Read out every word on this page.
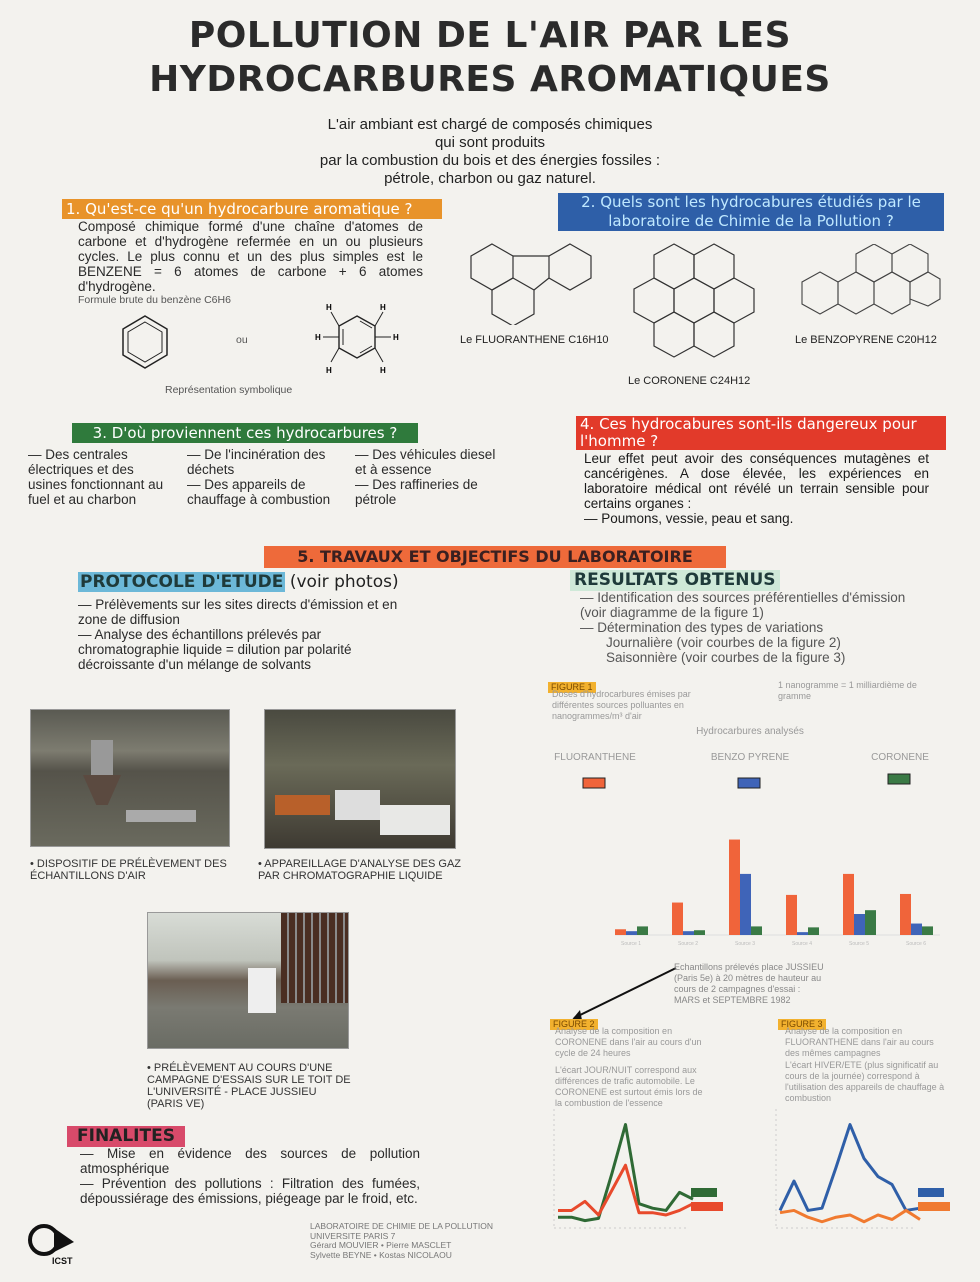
POLLUTION DE L'AIR PAR LES
HYDROCARBURES AROMATIQUES
L'air ambiant est chargé de composés chimiques
qui sont produits
par la combustion du bois et des énergies fossiles :
pétrole, charbon ou gaz naturel.
1. Qu'est-ce qu'un hydrocarbure aromatique ?
Composé chimique formé d'une chaîne d'atomes de carbone et d'hydrogène refermée en un ou plusieurs cycles. Le plus connu et un des plus simples est le BENZENE = 6 atomes de carbone + 6 atomes d'hydrogène.
Formule brute du benzène C6H6
ou	H	H
H	H
H	H
Représentation symbolique
2. Quels sont les hydrocabures étudiés par le
laboratoire de Chimie de la Pollution ?
Le FLUORANTHENE C16H10
Le CORONENE C24H12
Le BENZOPYRENE C20H12
3. D'où proviennent ces hydrocarbures ?
— Des centrales électriques et des usines fonctionnant au fuel et au charbon
— De l'incinération des déchets
— Des appareils de chauffage à combustion
— Des véhicules diesel et à essence
— Des raffineries de pétrole
4. Ces hydrocabures sont-ils dangereux pour
l'homme ?
Leur effet peut avoir des conséquences mutagènes et cancérigènes. A dose élevée, les expériences en laboratoire médical ont révélé un terrain sensible pour certains organes :
— Poumons, vessie, peau et sang.
5. TRAVAUX ET OBJECTIFS DU LABORATOIRE
PROTOCOLE D'ETUDE (voir photos)
— Prélèvements sur les sites directs d'émission et en zone de diffusion
— Analyse des échantillons prélevés par chromatographie liquide = dilution par polarité décroissante d'un mélange de solvants
RESULTATS OBTENUS
— Identification des sources préférentielles d'émission (voir diagramme de la figure 1)
— Détermination des types de variations
Journalière (voir courbes de la figure 2)
Saisonnière (voir courbes de la figure 3)
• DISPOSITIF DE PRÉLÈVEMENT DES ÉCHANTILLONS D'AIR
• APPAREILLAGE D'ANALYSE DES GAZ PAR CHROMATOGRAPHIE LIQUIDE
• PRÉLÈVEMENT AU COURS D'UNE CAMPAGNE D'ESSAIS SUR LE TOIT DE L'UNIVERSITÉ - PLACE JUSSIEU (PARIS VE)
FINALITES
— Mise en évidence des sources de pollution atmosphérique
— Prévention des pollutions : Filtration des fumées, dépoussiérage des émissions, piégeage par le froid, etc.
ICST
LABORATOIRE DE CHIMIE DE LA POLLUTION
UNIVERSITE PARIS 7
Gérard MOUVIER • Pierre MASCLET
Sylvette BEYNE • Kostas NICOLAOU
FIGURE 1
Doses d'hydrocarbures émises par différentes sources polluantes en nanogrammes/m³ d'air
1 nanogramme = 1 milliardième de gramme
Hydrocarbures analysés
FLUORANTHENE	BENZO PYRENE	CORONENE
Source 1	Source 2	Source 3	Source 4	Source 5	Source 6
Echantillons prélevés place JUSSIEU (Paris 5e) à 20 mètres de hauteur au cours de 2 campagnes d'essai : MARS et SEPTEMBRE 1982
FIGURE 2
Analyse de la composition en CORONENE dans l'air au cours d'un cycle de 24 heures
L'écart JOUR/NUIT correspond aux différences de trafic automobile. Le CORONENE est surtout émis lors de la combustion de l'essence
FIGURE 3
Analyse de la composition en FLUORANTHENE dans l'air au cours des mêmes campagnes
L'écart HIVER/ETE (plus significatif au cours de la journée) correspond à l'utilisation des appareils de chauffage à combustion
